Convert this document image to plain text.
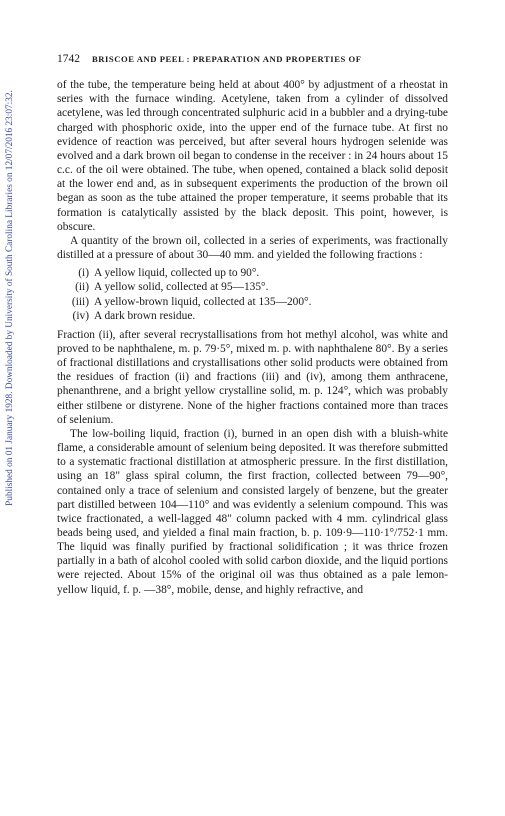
Published on 01 January 1928. Downloaded by University of South Carolina Libraries on 12/07/2016 23:07:32.
1742 BRISCOE AND PEEL : PREPARATION AND PROPERTIES OF

of the tube, the temperature being held at about 400° by adjustment of a rheostat in series with the furnace winding. Acetylene, taken from a cylinder of dissolved acetylene, was led through concentrated sulphuric acid in a bubbler and a drying-tube charged with phosphoric oxide, into the upper end of the furnace tube. At first no evidence of reaction was perceived, but after several hours hydrogen selenide was evolved and a dark brown oil began to condense in the receiver : in 24 hours about 15 c.c. of the oil were obtained. The tube, when opened, contained a black solid deposit at the lower end and, as in subsequent experiments the production of the brown oil began as soon as the tube attained the proper temperature, it seems probable that its formation is catalytically assisted by the black deposit. This point, however, is obscure.

A quantity of the brown oil, collected in a series of experiments, was fractionally distilled at a pressure of about 30—40 mm. and yielded the following fractions :

(i) A yellow liquid, collected up to 90°.
(ii) A yellow solid, collected at 95—135°.
(iii) A yellow-brown liquid, collected at 135—200°.
(iv) A dark brown residue.

Fraction (ii), after several recrystallisations from hot methyl alcohol, was white and proved to be naphthalene, m. p. 79·5°, mixed m. p. with naphthalene 80°. By a series of fractional distillations and crystallisations other solid products were obtained from the residues of fraction (ii) and fractions (iii) and (iv), among them anthracene, phenanthrene, and a bright yellow crystalline solid, m. p. 124°, which was probably either stilbene or distyrene. None of the higher fractions contained more than traces of selenium.

The low-boiling liquid, fraction (i), burned in an open dish with a bluish-white flame, a considerable amount of selenium being deposited. It was therefore submitted to a systematic fractional distillation at atmospheric pressure. In the first distillation, using an 18" glass spiral column, the first fraction, collected between 79—90°, contained only a trace of selenium and consisted largely of benzene, but the greater part distilled between 104—110° and was evidently a selenium compound. This was twice fractionated, a well-lagged 48" column packed with 4 mm. cylindrical glass beads being used, and yielded a final main fraction, b. p. 109·9—110·1°/752·1 mm. The liquid was finally purified by fractional solidification ; it was thrice frozen partially in a bath of alcohol cooled with solid carbon dioxide, and the liquid portions were rejected. About 15% of the original oil was thus obtained as a pale lemon-yellow liquid, f. p. —38°, mobile, dense, and highly refractive, and
